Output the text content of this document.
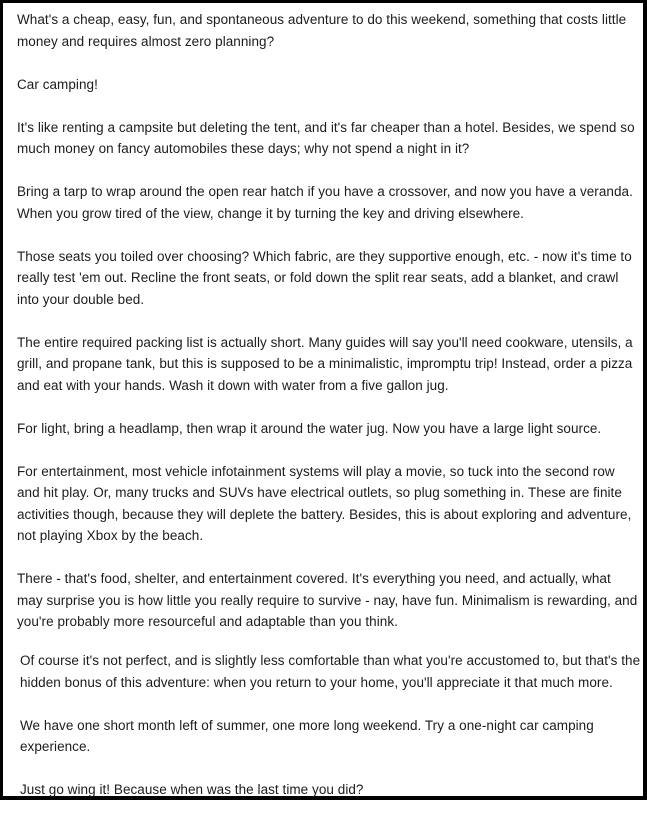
What's a cheap, easy, fun, and spontaneous adventure to do this weekend, something that costs little money and requires almost zero planning?

Car camping!

It's like renting a campsite but deleting the tent, and it's far cheaper than a hotel. Besides, we spend so much money on fancy automobiles these days; why not spend a night in it?

Bring a tarp to wrap around the open rear hatch if you have a crossover, and now you have a veranda. When you grow tired of the view, change it by turning the key and driving elsewhere.

Those seats you toiled over choosing? Which fabric, are they supportive enough, etc. - now it's time to really test 'em out. Recline the front seats, or fold down the split rear seats, add a blanket, and crawl into your double bed.

The entire required packing list is actually short. Many guides will say you'll need cookware, utensils, a grill, and propane tank, but this is supposed to be a minimalistic, impromptu trip! Instead, order a pizza and eat with your hands. Wash it down with water from a five gallon jug.

For light, bring a headlamp, then wrap it around the water jug. Now you have a large light source.

For entertainment, most vehicle infotainment systems will play a movie, so tuck into the second row and hit play. Or, many trucks and SUVs have electrical outlets, so plug something in. These are finite activities though, because they will deplete the battery. Besides, this is about exploring and adventure, not playing Xbox by the beach.

There - that's food, shelter, and entertainment covered. It's everything you need, and actually, what may surprise you is how little you really require to survive - nay, have fun. Minimalism is rewarding, and you're probably more resourceful and adaptable than you think.

Of course it's not perfect, and is slightly less comfortable than what you're accustomed to, but that's the hidden bonus of this adventure: when you return to your home, you'll appreciate it that much more.

We have one short month left of summer, one more long weekend. Try a one-night car camping experience.

Just go wing it! Because when was the last time you did?
